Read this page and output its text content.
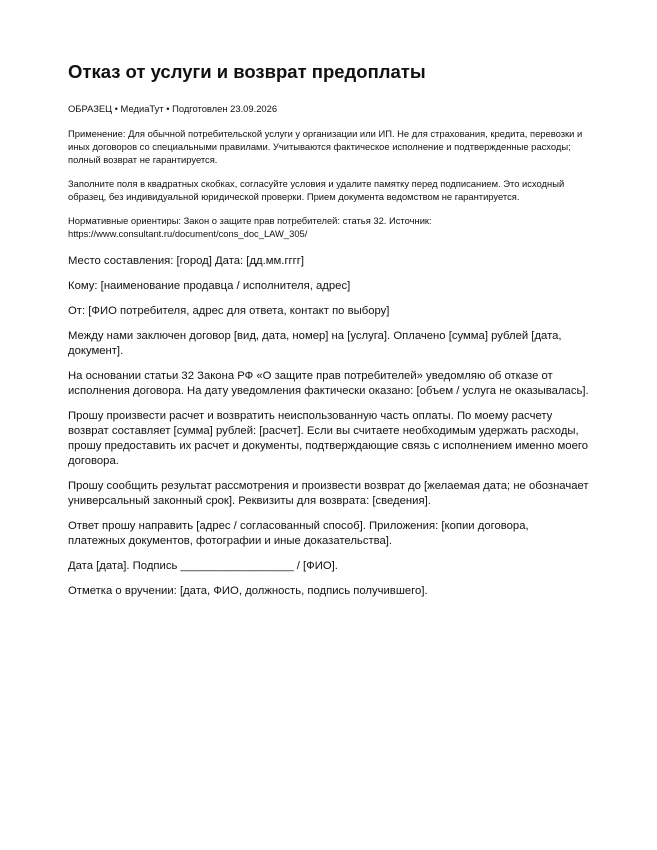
Отказ от услуги и возврат предоплаты

ОБРАЗЕЦ • МедиаТут • Подготовлен 23.09.2026

Применение: Для обычной потребительской услуги у организации или ИП. Не для страхования, кредита, перевозки и иных договоров со специальными правилами. Учитываются фактическое исполнение и подтвержденные расходы; полный возврат не гарантируется.

Заполните поля в квадратных скобках, согласуйте условия и удалите памятку перед подписанием. Это исходный образец, без индивидуальной юридической проверки. Прием документа ведомством не гарантируется.

Нормативные ориентиры: Закон о защите прав потребителей: статья 32. Источник: https://www.consultant.ru/document/cons_doc_LAW_305/

Место составления: [город] Дата: [дд.мм.гггг]

Кому: [наименование продавца / исполнителя, адрес]

От: [ФИО потребителя, адрес для ответа, контакт по выбору]

Между нами заключен договор [вид, дата, номер] на [услуга]. Оплачено [сумма] рублей [дата, документ].

На основании статьи 32 Закона РФ «О защите прав потребителей» уведомляю об отказе от исполнения договора. На дату уведомления фактически оказано: [объем / услуга не оказывалась].

Прошу произвести расчет и возвратить неиспользованную часть оплаты. По моему расчету возврат составляет [сумма] рублей: [расчет]. Если вы считаете необходимым удержать расходы, прошу предоставить их расчет и документы, подтверждающие связь с исполнением именно моего договора.

Прошу сообщить результат рассмотрения и произвести возврат до [желаемая дата; не обозначает универсальный законный срок]. Реквизиты для возврата: [сведения].

Ответ прошу направить [адрес / согласованный способ]. Приложения: [копии договора, платежных документов, фотографии и иные доказательства].

Дата [дата]. Подпись __________________ / [ФИО].

Отметка о вручении: [дата, ФИО, должность, подпись получившего].
